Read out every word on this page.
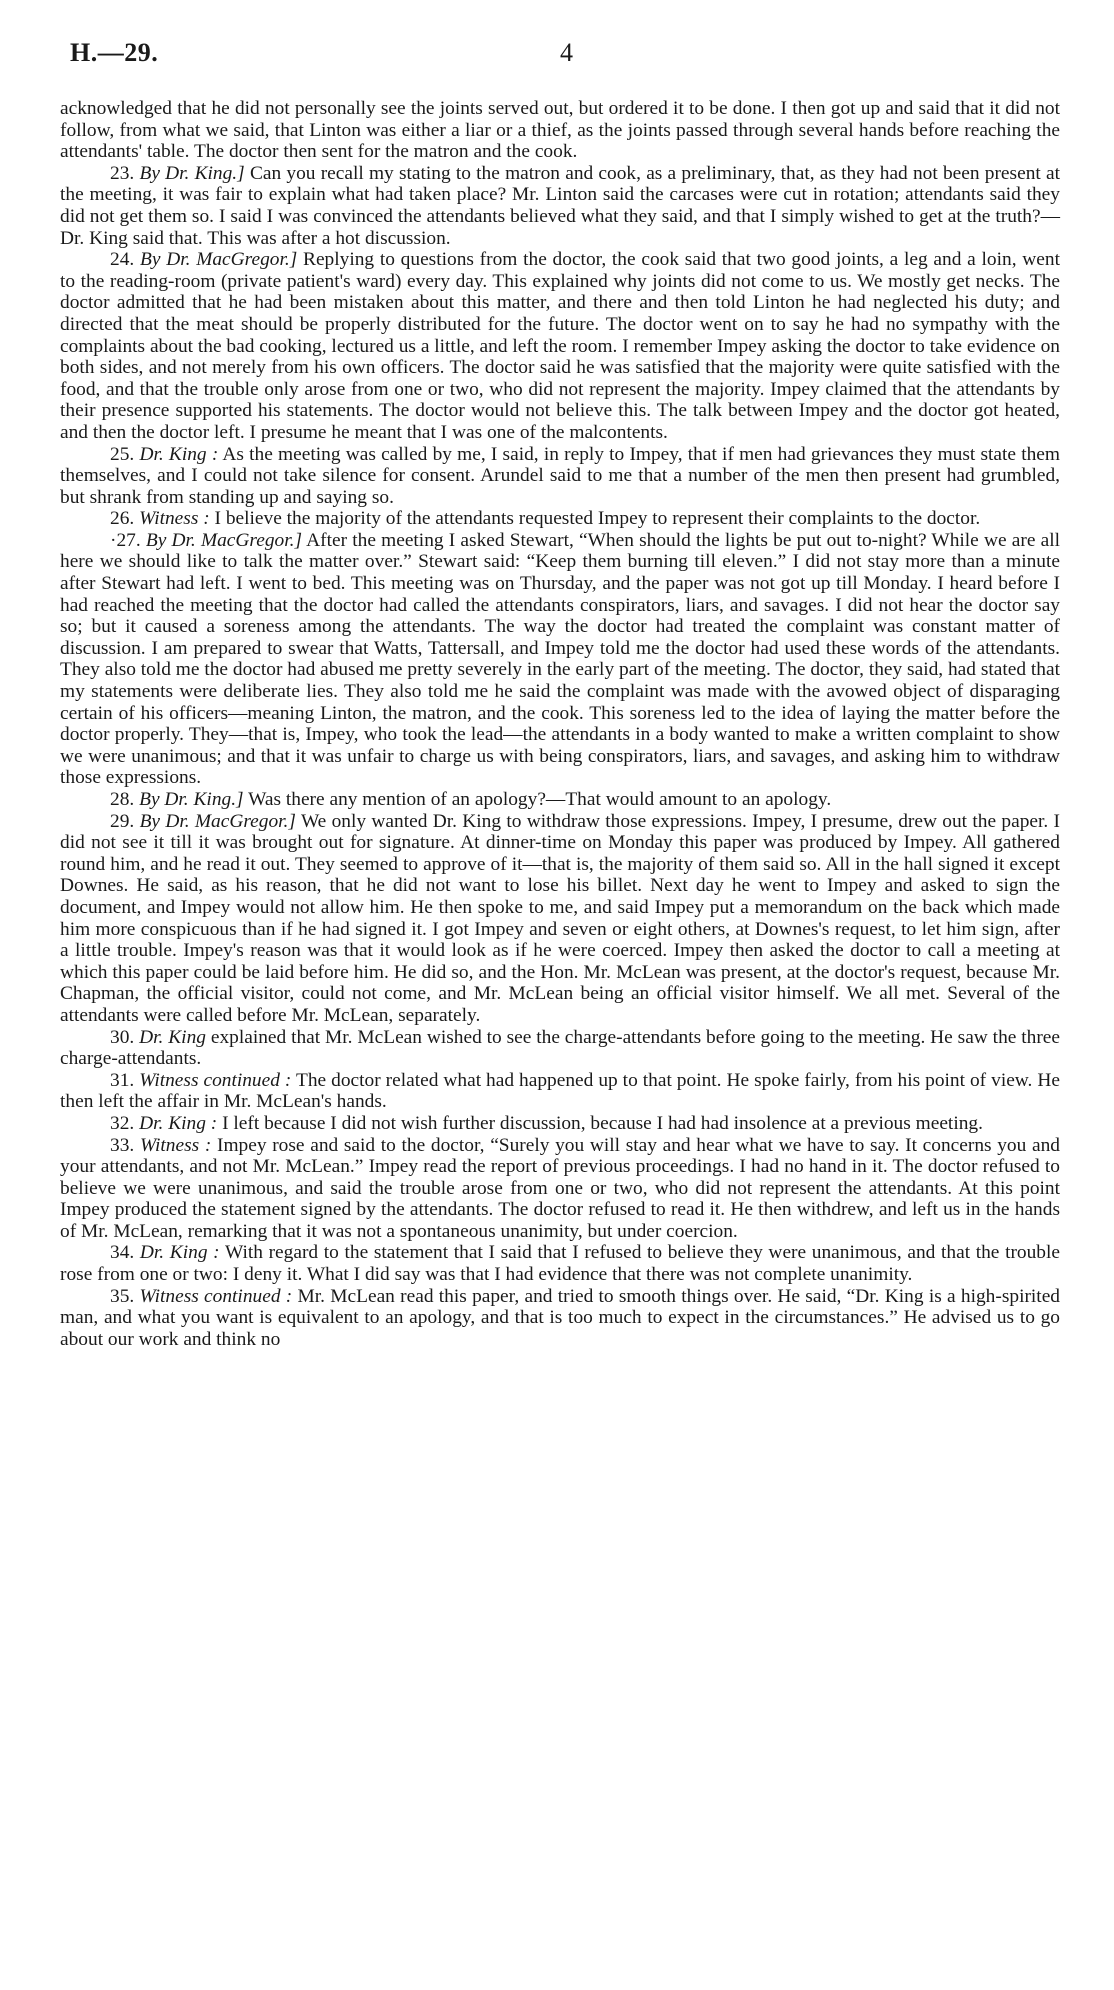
H.—29.	4

acknowledged that he did not personally see the joints served out, but ordered it to be done. I then got up and said that it did not follow, from what we said, that Linton was either a liar or a thief, as the joints passed through several hands before reaching the attendants' table. The doctor then sent for the matron and the cook.

23. By Dr. King.] Can you recall my stating to the matron and cook, as a preliminary, that, as they had not been present at the meeting, it was fair to explain what had taken place? Mr. Linton said the carcases were cut in rotation; attendants said they did not get them so. I said I was convinced the attendants believed what they said, and that I simply wished to get at the truth?—Dr. King said that. This was after a hot discussion.

24. By Dr. MacGregor.] Replying to questions from the doctor, the cook said that two good joints, a leg and a loin, went to the reading-room (private patient's ward) every day. This explained why joints did not come to us. We mostly get necks. The doctor admitted that he had been mistaken about this matter, and there and then told Linton he had neglected his duty; and directed that the meat should be properly distributed for the future. The doctor went on to say he had no sympathy with the complaints about the bad cooking, lectured us a little, and left the room. I remember Impey asking the doctor to take evidence on both sides, and not merely from his own officers. The doctor said he was satisfied that the majority were quite satisfied with the food, and that the trouble only arose from one or two, who did not represent the majority. Impey claimed that the attendants by their presence supported his statements. The doctor would not believe this. The talk between Impey and the doctor got heated, and then the doctor left. I presume he meant that I was one of the malcontents.

25. Dr. King : As the meeting was called by me, I said, in reply to Impey, that if men had grievances they must state them themselves, and I could not take silence for consent. Arundel said to me that a number of the men then present had grumbled, but shrank from standing up and saying so.

26. Witness : I believe the majority of the attendants requested Impey to represent their complaints to the doctor.

·27. By Dr. MacGregor.] After the meeting I asked Stewart, “When should the lights be put out to-night? While we are all here we should like to talk the matter over.” Stewart said: “Keep them burning till eleven.” I did not stay more than a minute after Stewart had left. I went to bed. This meeting was on Thursday, and the paper was not got up till Monday. I heard before I had reached the meeting that the doctor had called the attendants conspirators, liars, and savages. I did not hear the doctor say so; but it caused a soreness among the attendants. The way the doctor had treated the complaint was constant matter of discussion. I am prepared to swear that Watts, Tattersall, and Impey told me the doctor had used these words of the attendants. They also told me the doctor had abused me pretty severely in the early part of the meeting. The doctor, they said, had stated that my statements were deliberate lies. They also told me he said the complaint was made with the avowed object of disparaging certain of his officers—meaning Linton, the matron, and the cook. This soreness led to the idea of laying the matter before the doctor properly. They—that is, Impey, who took the lead—the attendants in a body wanted to make a written complaint to show we were unanimous; and that it was unfair to charge us with being conspirators, liars, and savages, and asking him to withdraw those expressions.

28. By Dr. King.] Was there any mention of an apology?—That would amount to an apology.

29. By Dr. MacGregor.] We only wanted Dr. King to withdraw those expressions. Impey, I presume, drew out the paper. I did not see it till it was brought out for signature. At dinner-time on Monday this paper was produced by Impey. All gathered round him, and he read it out. They seemed to approve of it—that is, the majority of them said so. All in the hall signed it except Downes. He said, as his reason, that he did not want to lose his billet. Next day he went to Impey and asked to sign the document, and Impey would not allow him. He then spoke to me, and said Impey put a memorandum on the back which made him more conspicuous than if he had signed it. I got Impey and seven or eight others, at Downes's request, to let him sign, after a little trouble. Impey's reason was that it would look as if he were coerced. Impey then asked the doctor to call a meeting at which this paper could be laid before him. He did so, and the Hon. Mr. McLean was present, at the doctor's request, because Mr. Chapman, the official visitor, could not come, and Mr. McLean being an official visitor himself. We all met. Several of the attendants were called before Mr. McLean, separately.

30. Dr. King explained that Mr. McLean wished to see the charge-attendants before going to the meeting. He saw the three charge-attendants.

31. Witness continued : The doctor related what had happened up to that point. He spoke fairly, from his point of view. He then left the affair in Mr. McLean's hands.

32. Dr. King : I left because I did not wish further discussion, because I had had insolence at a previous meeting.

33. Witness : Impey rose and said to the doctor, “Surely you will stay and hear what we have to say. It concerns you and your attendants, and not Mr. McLean.” Impey read the report of previous proceedings. I had no hand in it. The doctor refused to believe we were unanimous, and said the trouble arose from one or two, who did not represent the attendants. At this point Impey produced the statement signed by the attendants. The doctor refused to read it. He then withdrew, and left us in the hands of Mr. McLean, remarking that it was not a spontaneous unanimity, but under coercion.

34. Dr. King : With regard to the statement that I said that I refused to believe they were unanimous, and that the trouble rose from one or two: I deny it. What I did say was that I had evidence that there was not complete unanimity.

35. Witness continued : Mr. McLean read this paper, and tried to smooth things over. He said, “Dr. King is a high-spirited man, and what you want is equivalent to an apology, and that is too much to expect in the circumstances.” He advised us to go about our work and think no
